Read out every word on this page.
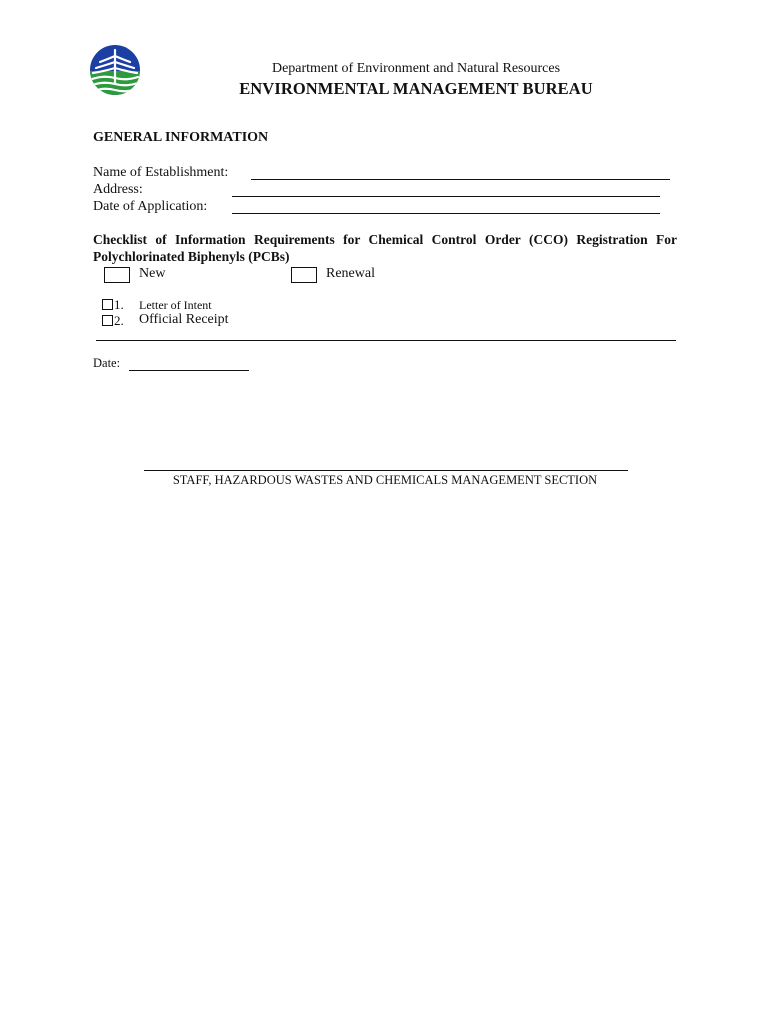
Department of Environment and Natural Resources
ENVIRONMENTAL MANAGEMENT BUREAU
GENERAL INFORMATION
Name of Establishment:
Address:
Date of Application:
Checklist of Information Requirements for Chemical Control Order (CCO) Registration For Polychlorinated Biphenyls (PCBs)
New	Renewal
1. Letter of Intent
2. Official Receipt
Date:
STAFF, HAZARDOUS WASTES AND CHEMICALS MANAGEMENT SECTION
